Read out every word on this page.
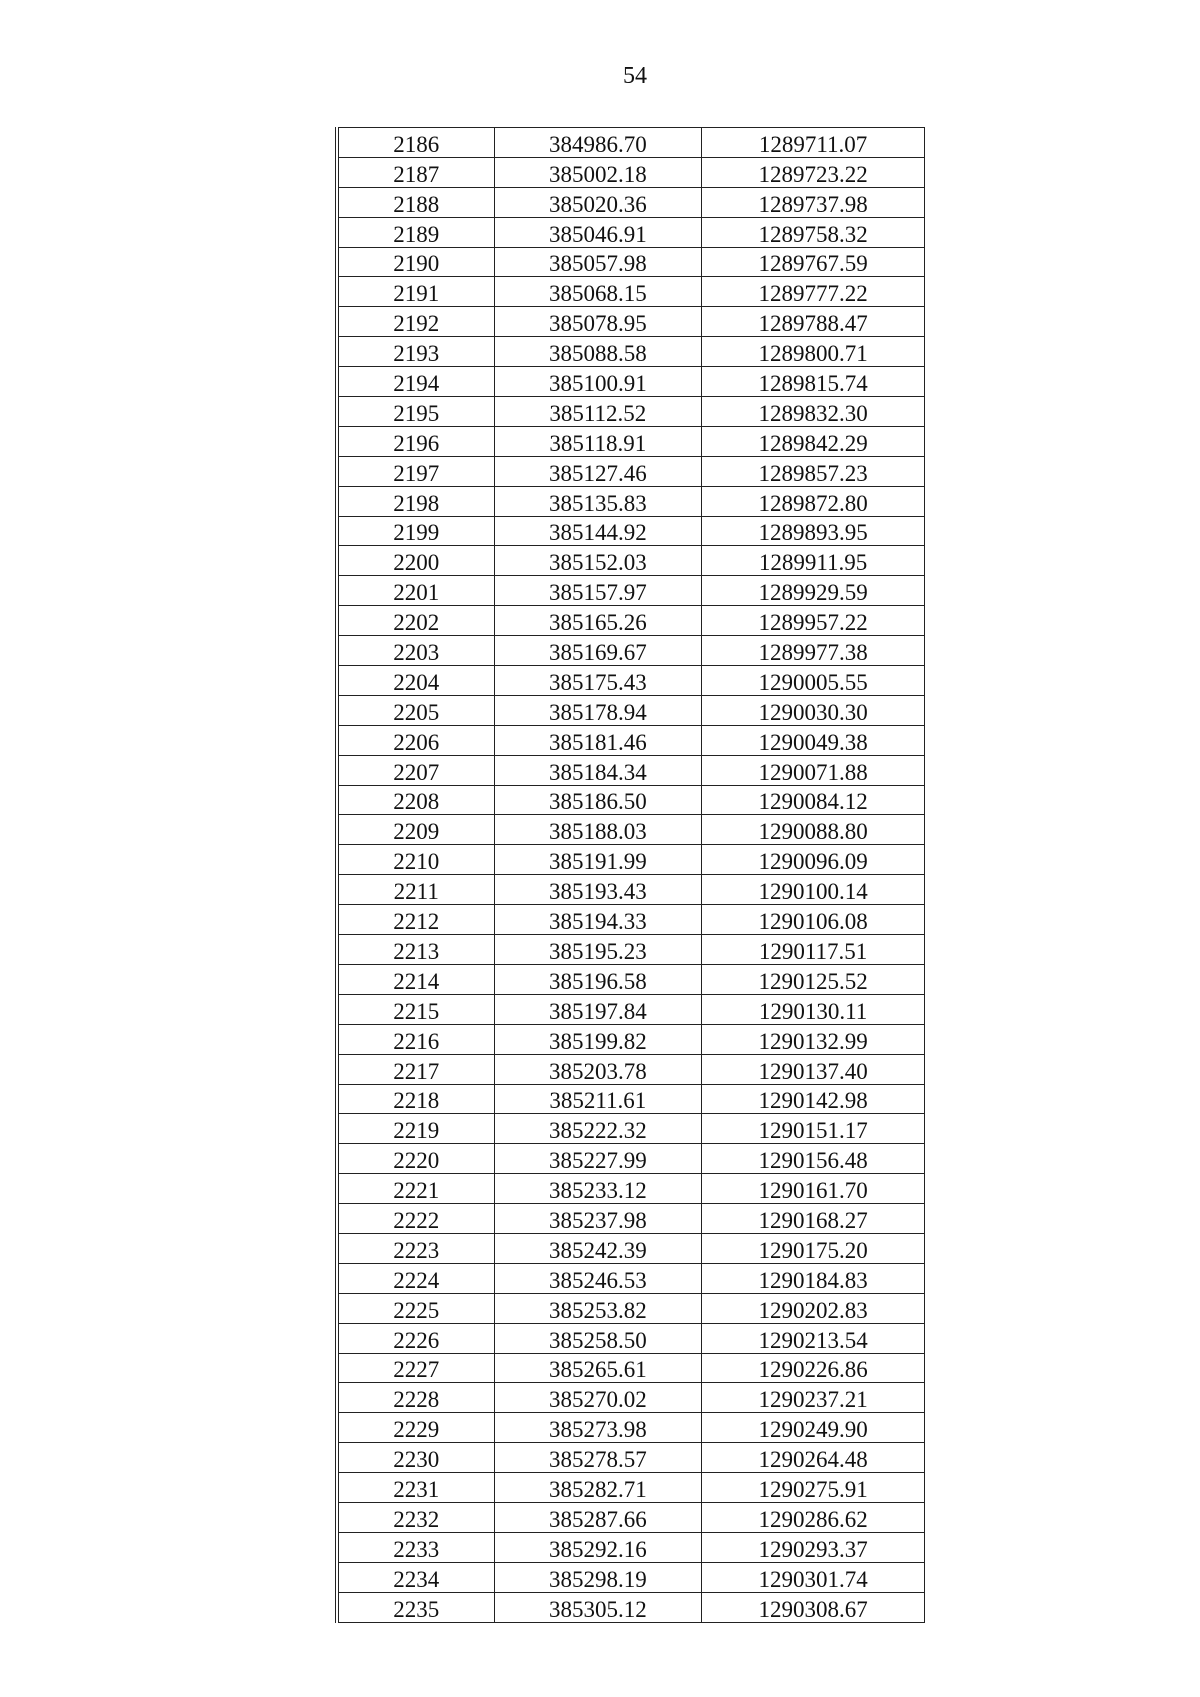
54
2186	384986.70	1289711.07
2187	385002.18	1289723.22
2188	385020.36	1289737.98
2189	385046.91	1289758.32
2190	385057.98	1289767.59
2191	385068.15	1289777.22
2192	385078.95	1289788.47
2193	385088.58	1289800.71
2194	385100.91	1289815.74
2195	385112.52	1289832.30
2196	385118.91	1289842.29
2197	385127.46	1289857.23
2198	385135.83	1289872.80
2199	385144.92	1289893.95
2200	385152.03	1289911.95
2201	385157.97	1289929.59
2202	385165.26	1289957.22
2203	385169.67	1289977.38
2204	385175.43	1290005.55
2205	385178.94	1290030.30
2206	385181.46	1290049.38
2207	385184.34	1290071.88
2208	385186.50	1290084.12
2209	385188.03	1290088.80
2210	385191.99	1290096.09
2211	385193.43	1290100.14
2212	385194.33	1290106.08
2213	385195.23	1290117.51
2214	385196.58	1290125.52
2215	385197.84	1290130.11
2216	385199.82	1290132.99
2217	385203.78	1290137.40
2218	385211.61	1290142.98
2219	385222.32	1290151.17
2220	385227.99	1290156.48
2221	385233.12	1290161.70
2222	385237.98	1290168.27
2223	385242.39	1290175.20
2224	385246.53	1290184.83
2225	385253.82	1290202.83
2226	385258.50	1290213.54
2227	385265.61	1290226.86
2228	385270.02	1290237.21
2229	385273.98	1290249.90
2230	385278.57	1290264.48
2231	385282.71	1290275.91
2232	385287.66	1290286.62
2233	385292.16	1290293.37
2234	385298.19	1290301.74
2235	385305.12	1290308.67
